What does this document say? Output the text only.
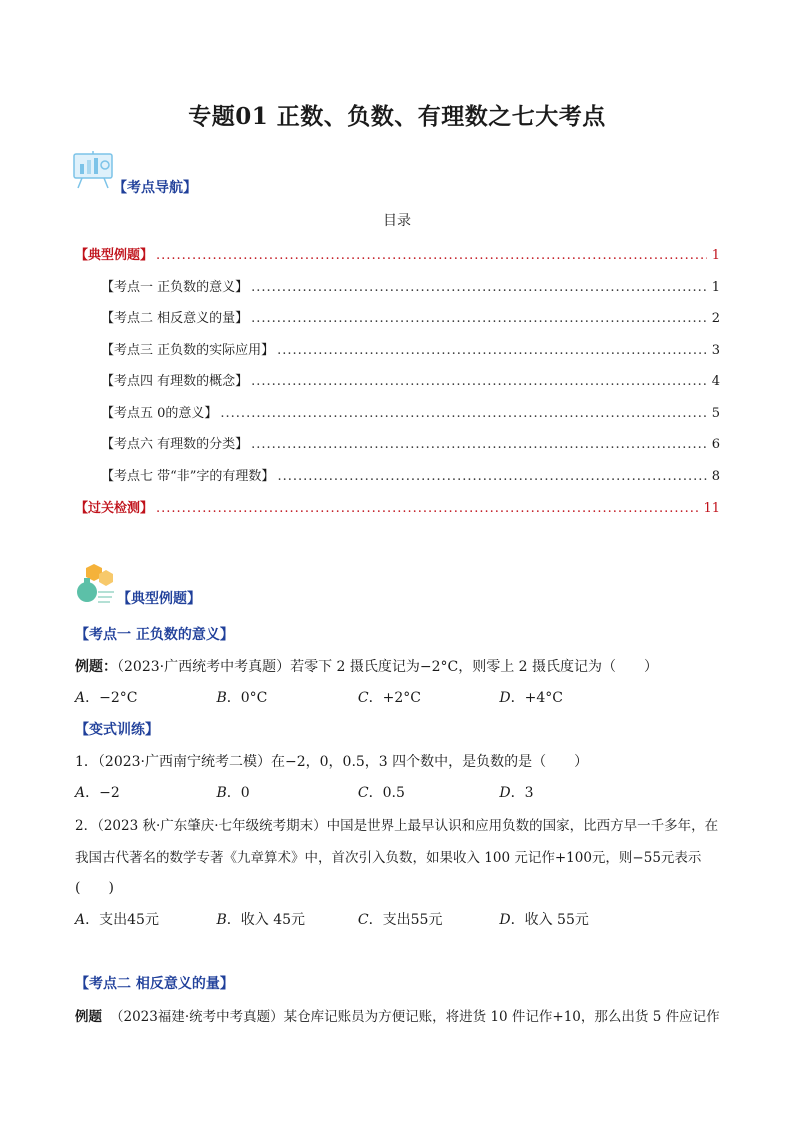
专题01 正数、负数、有理数之七大考点
【考点导航】
目录
【典型例题】 .....	1
【考点一 正负数的意义】 .....	1
【考点二 相反意义的量】 .....	2
【考点三 正负数的实际应用】 .....	3
【考点四 有理数的概念】 .....	4
【考点五 0的意义】 .....	5
【考点六 有理数的分类】 .....	6
【考点七 带“非”字的有理数】 .....	8
【过关检测】 .....	11
【典型例题】
【考点一 正负数的意义】
例题：（2023·广西统考中考真题）若零下 2 摄氏度记为−2°C，则零上 2 摄氏度记为（　　）
A．−2°C	B．0°C	C．+2°C	D．+4°C
【变式训练】
1．（2023·广西南宁统考二模）在−2，0，0.5，3 四个数中，是负数的是（　　）
A．−2	B．0	C．0.5	D．3
2．（2023 秋·广东肇庆·七年级统考期末）中国是世界上最早认识和应用负数的国家，比西方早一千多年，在
我国古代著名的数学专著《九章算术》中，首次引入负数，如果收入 100 元记作+100元，则−55元表示
(　　)
A．支出45元	B．收入 45元	C．支出55元	D．收入 55元
【考点二 相反意义的量】
例题 （2023福建·统考中考真题）某仓库记账员为方便记账，将进货 10 件记作+10，那么出货 5 件应记作
